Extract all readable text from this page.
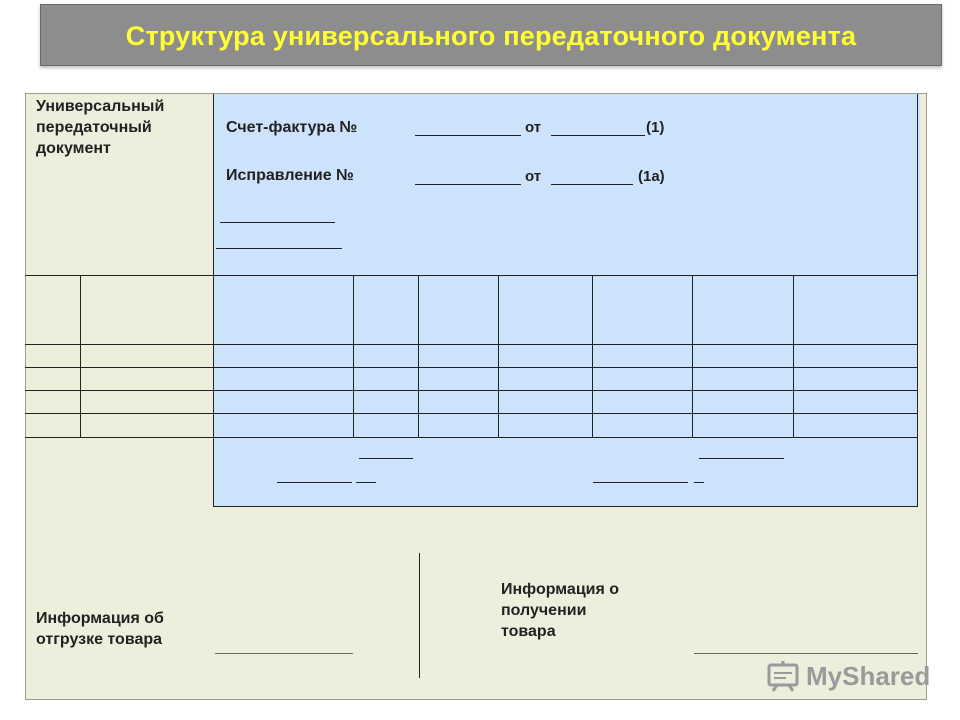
Структура универсального передаточного документа
Универсальный
передаточный
документ
Счет-фактура №	от	(1)
Исправление №	от	(1а)
Информация об
отгрузке товара
Информация о
получении
товара
MyShared
